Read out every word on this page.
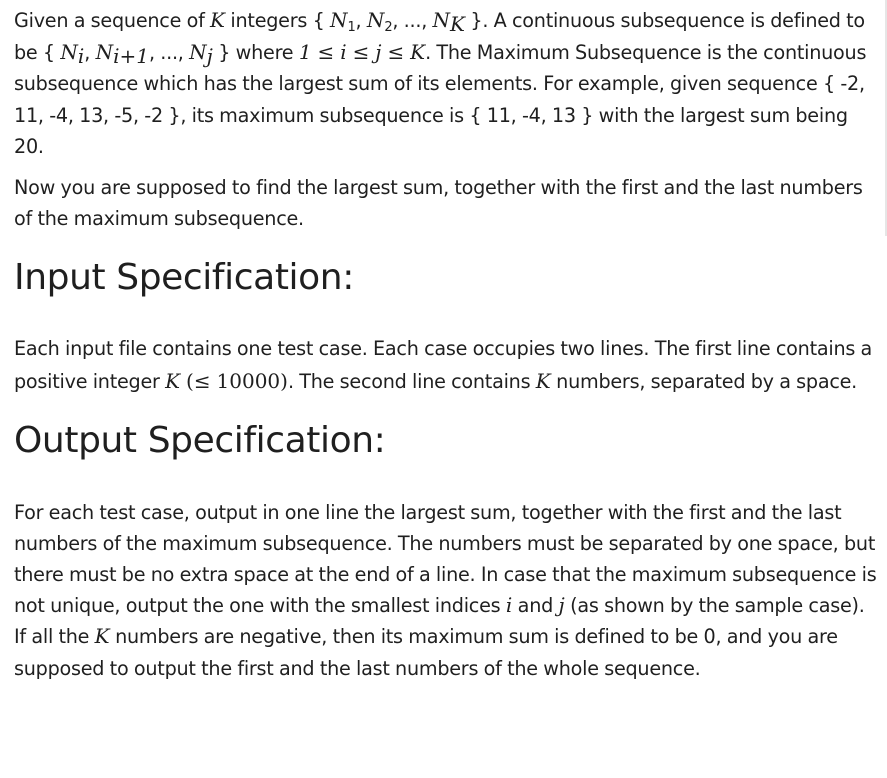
Given a sequence of K integers { $N_1$, $N_2$, ..., $N_K$ }. A continuous subsequence is defined to be { $N_i$, $N_{i+1}$, ..., $N_j$ } where 1 ≤ i ≤ j ≤ K. The Maximum Subsequence is the continuous subsequence which has the largest sum of its elements. For example, given sequence { -2, 11, -4, 13, -5, -2 }, its maximum subsequence is { 11, -4, 13 } with the largest sum being 20.

Now you are supposed to find the largest sum, together with the first and the last numbers of the maximum subsequence.

Input Specification:

Each input file contains one test case. Each case occupies two lines. The first line contains a positive integer K (≤ 10000). The second line contains K numbers, separated by a space.

Output Specification:

For each test case, output in one line the largest sum, together with the first and the last numbers of the maximum subsequence. The numbers must be separated by one space, but there must be no extra space at the end of a line. In case that the maximum subsequence is not unique, output the one with the smallest indices i and j (as shown by the sample case). If all the K numbers are negative, then its maximum sum is defined to be 0, and you are supposed to output the first and the last numbers of the whole sequence.
